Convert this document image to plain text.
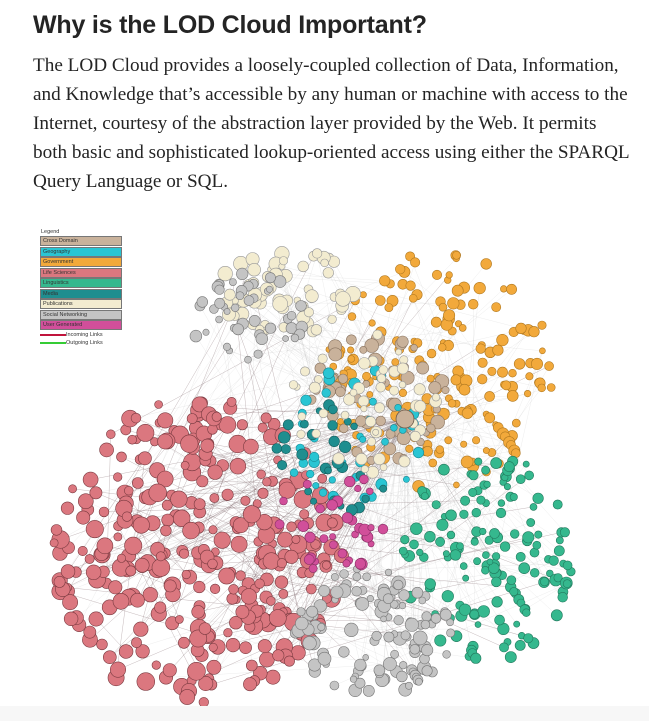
Why is the LOD Cloud Important?

The LOD Cloud provides a loosely-coupled collection of Data, Information, and Knowledge that’s accessible by any human or machine with access to the Internet, courtesy of the abstraction layer provided by the Web. It permits both basic and sophisticated lookup-oriented access using either the SPARQL Query Language or SQL.

Legend
Cross Domain
Geography
Government
Life Sciences
Linguistics
Media
Publications
Social Networking
User Generated
Incoming Links
Outgoing Links
